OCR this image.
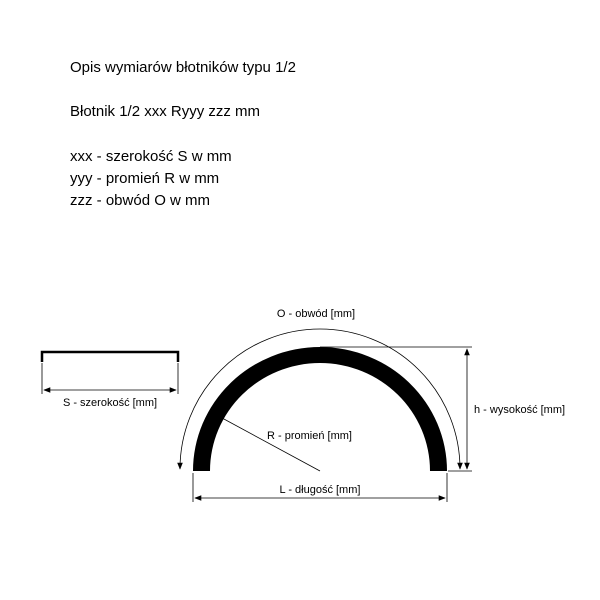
Opis wymiarów błotników typu 1/2
Błotnik 1/2 xxx Ryyy zzz mm
xxx - szerokość S w mm
yyy - promień R w mm
zzz - obwód O w mm
S - szerokość [mm]
O - obwód [mm]
h - wysokość [mm]
R - promień [mm]
L - długość [mm]
